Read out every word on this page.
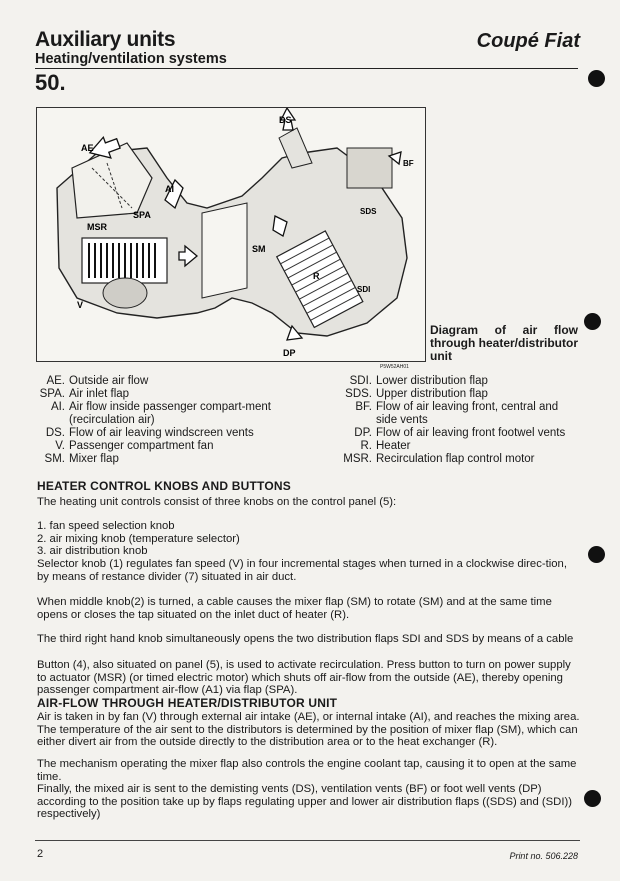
Auxiliary units	Coupé Fiat
Heating/ventilation systems
50.
DS
AE
AI
SPA
MSR
V
SM
R
SDS
BF
SDI
DP
Diagram of air flow through heater/distributor unit
P5W52AH01
AE. Outside air flow
SPA. Air inlet flap
AI. Air flow inside passenger compart-ment (recirculation air)
DS. Flow of air leaving windscreen vents
V. Passenger compartment fan
SM. Mixer flap
SDI. Lower distribution flap
SDS. Upper distribution flap
BF. Flow of air leaving front, central and side vents
DP. Flow of air leaving front footwel vents
R. Heater
MSR. Recirculation flap control motor
HEATER CONTROL KNOBS AND BUTTONS

The heating unit controls consist of three knobs on the control panel (5):

1. fan speed selection knob
2. air mixing knob (temperature selector)
3. air distribution knob

Selector knob (1) regulates fan speed (V) in four incremental stages when turned in a clockwise direc-tion, by means of restance divider (7) situated in air duct.

When middle knob(2) is turned, a cable causes the mixer flap (SM) to rotate (SM) and at the same time opens or closes the tap situated on the inlet duct of heater (R).

The third right hand knob simultaneously opens the two distribution flaps SDI and SDS by means of a cable

Button (4), also situated on panel (5), is used to activate recirculation. Press button to turn on power supply to actuator (MSR) (or timed electric motor) which shuts off air-flow from the outside (AE), thereby opening passenger compartment air-flow (A1) via flap (SPA).

AIR-FLOW THROUGH HEATER/DISTRIBUTOR UNIT

Air is taken in by fan (V) through external air intake (AE), or internal intake (AI), and reaches the mixing area. The temperature of the air sent to the distributors is determined by the position of mixer flap (SM), which can either divert air from the outside directly to the distribution area or to the heat exchanger (R).

The mechanism operating the mixer flap also controls the engine coolant tap, causing it to open at the same time.

Finally, the mixed air is sent to the demisting vents (DS), ventilation vents (BF) or foot well vents (DP) according to the position take up by flaps regulating upper and lower air distribution flaps ((SDS) and (SDI)) respectively)

2	Print no. 506.228
